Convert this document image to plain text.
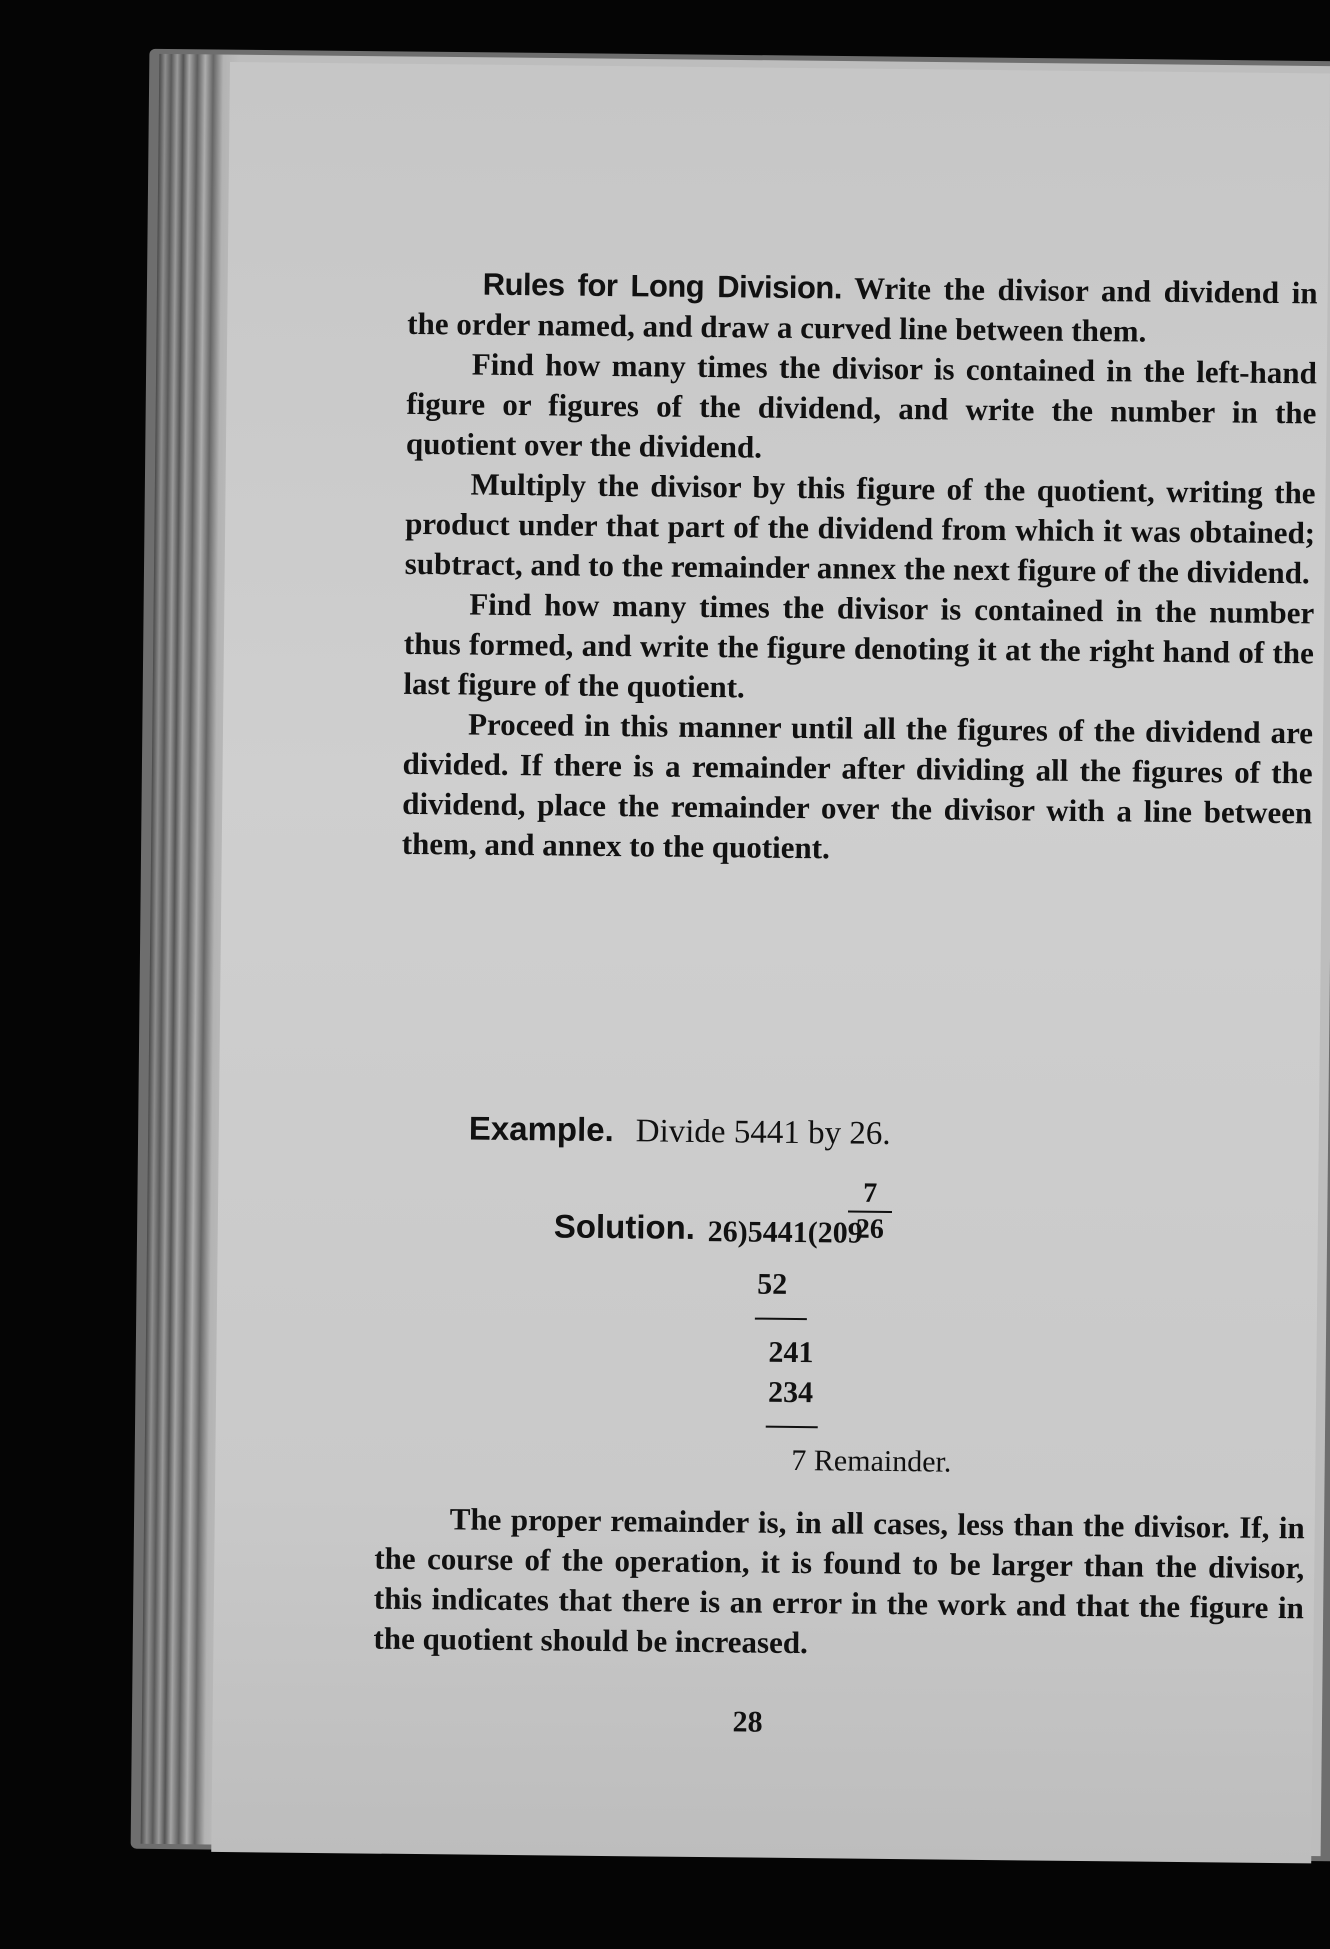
Rules for Long Division. Write the divisor and dividend in the order named, and draw a curved line between them.

Find how many times the divisor is contained in the left-hand figure or figures of the dividend, and write the number in the quotient over the dividend.

Multiply the divisor by this figure of the quotient, writing the product under that part of the dividend from which it was obtained; subtract, and to the remainder annex the next figure of the dividend.

Find how many times the divisor is contained in the number thus formed, and write the figure denoting it at the right hand of the last figure of the quotient.

Proceed in this manner until all the figures of the dividend are divided. If there is a remainder after dividing all the figures of the dividend, place the remainder over the divisor with a line between them, and annex to the quotient.

Example. Divide 5441 by 26.
Solution. 26)5441(209
7
26
52
241
234
7 Remainder.

The proper remainder is, in all cases, less than the divisor. If, in the course of the operation, it is found to be larger than the divisor, this indicates that there is an error in the work and that the figure in the quotient should be increased.

28
